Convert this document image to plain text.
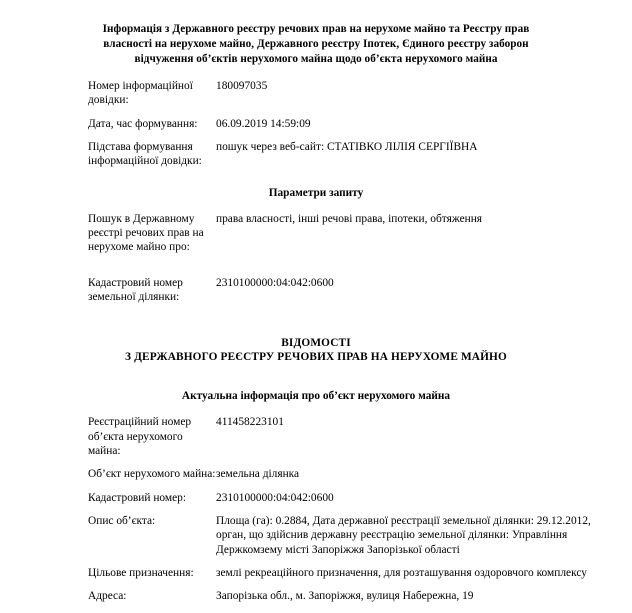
Інформація з Державного реєстру речових прав на нерухоме майно та Реєстру прав
власності на нерухоме майно, Державного реєстру Іпотек, Єдиного реєстру заборон
відчуження об’єктів нерухомого майна щодо об’єкта нерухомого майна
Номер інформаційної довідки:	180097035
Дата, час формування:	06.09.2019 14:59:09
Підстава формування інформаційної довідки:	пошук через веб-сайт: СТАТІВКО ЛІЛІЯ СЕРГІЇВНА
Параметри запиту
Пошук в Державному реєстрі речових прав на нерухоме майно про:	права власності, інші речові права, іпотеки, обтяження
Кадастровий номер земельної ділянки:	2310100000:04:042:0600
ВІДОМОСТІ
З ДЕРЖАВНОГО РЕЄСТРУ РЕЧОВИХ ПРАВ НА НЕРУХОМЕ МАЙНО
Актуальна інформація про об’єкт нерухомого майна
Реєстраційний номер об’єкта нерухомого майна:	411458223101
Об’єкт нерухомого майна:	земельна ділянка
Кадастровий номер:	2310100000:04:042:0600
Опис об’єкта:	Площа (га): 0.2884, Дата державної реєстрації земельної ділянки: 29.12.2012, орган, що здійснив державну реєстрацію земельної ділянки: Управління Держкомзему місті Запоріжжя Запорізької області
Цільове призначення:	землі рекреаційного призначення, для розташування оздоровчого комплексу
Адреса:	Запорізька обл., м. Запоріжжя, вулиця Набережна, 19
